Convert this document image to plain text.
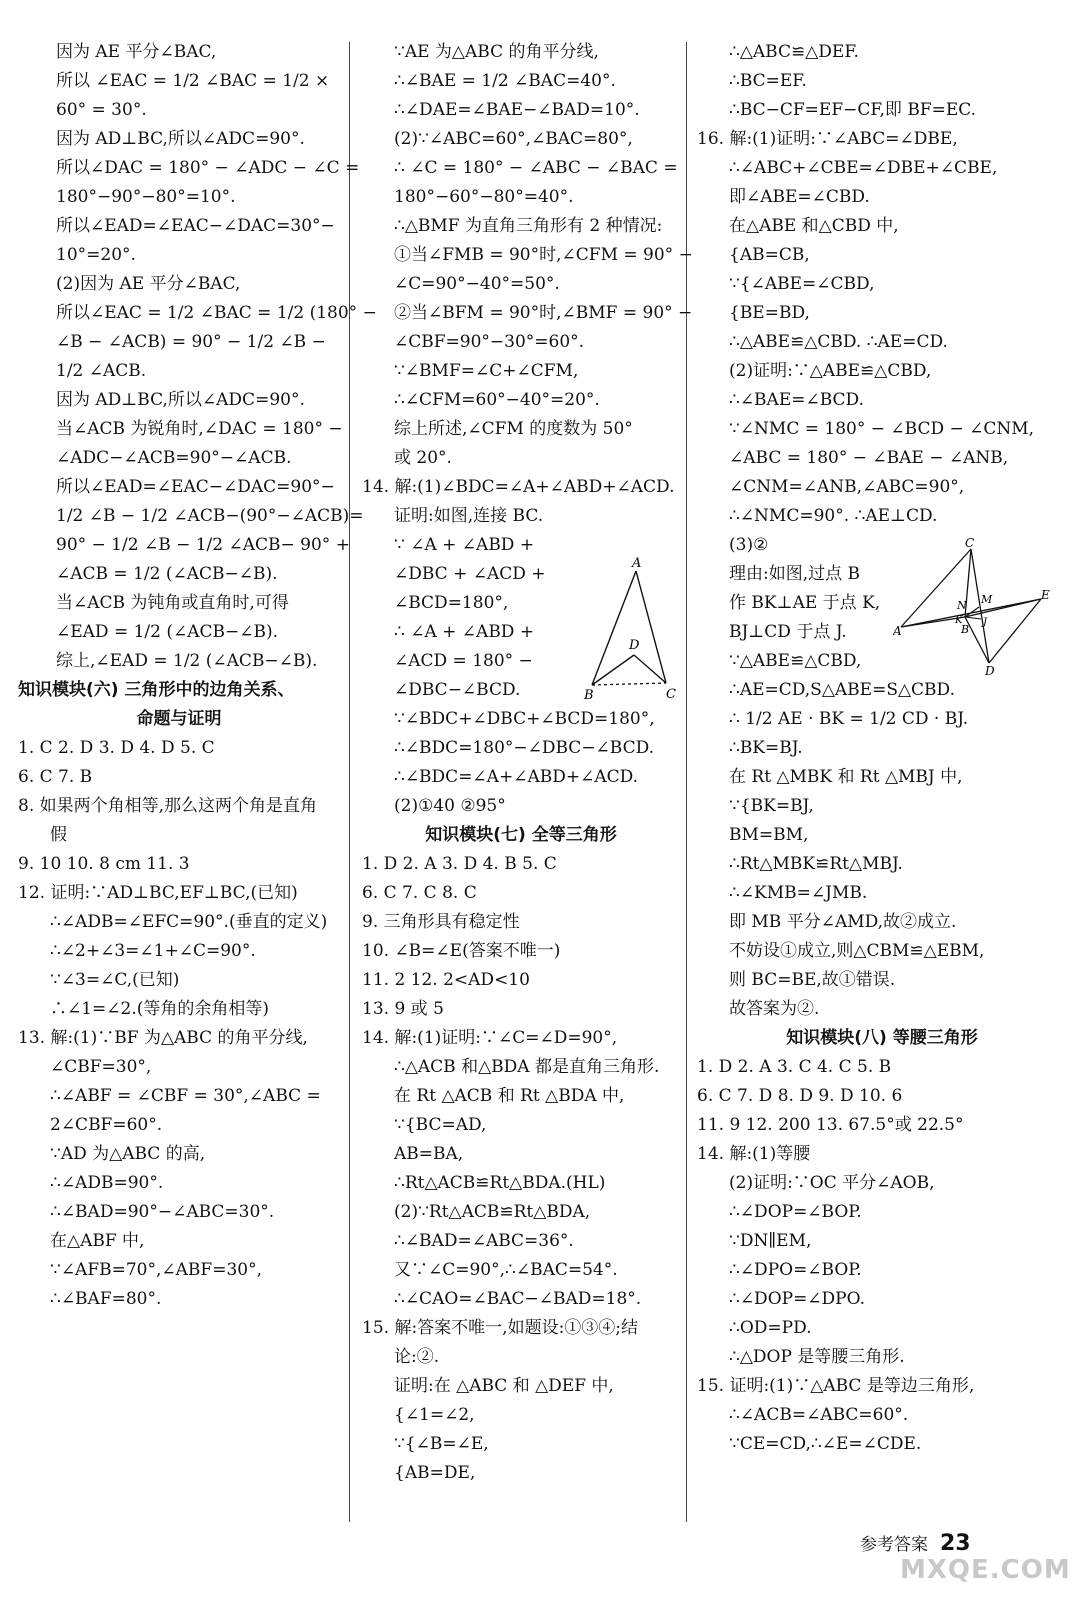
因为 AE 平分∠BAC,
所以 ∠EAC = 1/2 ∠BAC = 1/2 ×
60° = 30°.
因为 AD⊥BC,所以∠ADC=90°.
所以∠DAC = 180° − ∠ADC − ∠C =
180°−90°−80°=10°.
所以∠EAD=∠EAC−∠DAC=30°−
10°=20°.
(2)因为 AE 平分∠BAC,
所以∠EAC = 1/2 ∠BAC = 1/2 (180° −
∠B − ∠ACB) = 90° − 1/2 ∠B −
1/2 ∠ACB.
因为 AD⊥BC,所以∠ADC=90°.
当∠ACB 为锐角时,∠DAC = 180° −
∠ADC−∠ACB=90°−∠ACB.
所以∠EAD=∠EAC−∠DAC=90°−
1/2 ∠B − 1/2 ∠ACB−(90°−∠ACB)=
90° − 1/2 ∠B − 1/2 ∠ACB− 90° +
∠ACB = 1/2 (∠ACB−∠B).
当∠ACB 为钝角或直角时,可得
∠EAD = 1/2 (∠ACB−∠B).
综上,∠EAD = 1/2 (∠ACB−∠B).
知识模块(六) 三角形中的边角关系、
命题与证明
1. C 2. D 3. D 4. D 5. C
6. C 7. B
8. 如果两个角相等,那么这两个角是直角
假
9. 10 10. 8 cm 11. 3
12. 证明:∵AD⊥BC,EF⊥BC,(已知)
∴∠ADB=∠EFC=90°.(垂直的定义)
∴∠2+∠3=∠1+∠C=90°.
∵∠3=∠C,(已知)
∴∠1=∠2.(等角的余角相等)
13. 解:(1)∵BF 为△ABC 的角平分线,
∠CBF=30°,
∴∠ABF = ∠CBF = 30°,∠ABC =
2∠CBF=60°.
∵AD 为△ABC 的高,
∴∠ADB=90°.
∴∠BAD=90°−∠ABC=30°.
在△ABF 中,
∵∠AFB=70°,∠ABF=30°,
∴∠BAF=80°.
∵AE 为△ABC 的角平分线,
∴∠BAE = 1/2 ∠BAC=40°.
∴∠DAE=∠BAE−∠BAD=10°.
(2)∵∠ABC=60°,∠BAC=80°,
∴ ∠C = 180° − ∠ABC − ∠BAC =
180°−60°−80°=40°.
∴△BMF 为直角三角形有 2 种情况:
①当∠FMB = 90°时,∠CFM = 90° −
∠C=90°−40°=50°.
②当∠BFM = 90°时,∠BMF = 90° −
∠CBF=90°−30°=60°.
∵∠BMF=∠C+∠CFM,
∴∠CFM=60°−40°=20°.
综上所述,∠CFM 的度数为 50°
或 20°.
14. 解:(1)∠BDC=∠A+∠ABD+∠ACD.
证明:如图,连接 BC.
∵ ∠A + ∠ABD +
∠DBC + ∠ACD +
∠BCD=180°,
∴ ∠A + ∠ABD +
∠ACD = 180° −
∠DBC−∠BCD.
∵∠BDC+∠DBC+∠BCD=180°,
∴∠BDC=180°−∠DBC−∠BCD.
∴∠BDC=∠A+∠ABD+∠ACD.
(2)①40 ②95°
知识模块(七) 全等三角形
1. D 2. A 3. D 4. B 5. C
6. C 7. C 8. C
9. 三角形具有稳定性
10. ∠B=∠E(答案不唯一)
11. 2 12. 2<AD<10
13. 9 或 5
14. 解:(1)证明:∵∠C=∠D=90°,
∴△ACB 和△BDA 都是直角三角形.
在 Rt △ACB 和 Rt △BDA 中,
∵{BC=AD,
AB=BA,
∴Rt△ACB≌Rt△BDA.(HL)
(2)∵Rt△ACB≌Rt△BDA,
∴∠BAD=∠ABC=36°.
又∵∠C=90°,∴∠BAC=54°.
∴∠CAO=∠BAC−∠BAD=18°.
15. 解:答案不唯一,如题设:①③④;结
论:②.
证明:在 △ABC 和 △DEF 中,
{∠1=∠2,
∵{∠B=∠E,
{AB=DE,
∴△ABC≌△DEF.
∴BC=EF.
∴BC−CF=EF−CF,即 BF=EC.
16. 解:(1)证明:∵∠ABC=∠DBE,
∴∠ABC+∠CBE=∠DBE+∠CBE,
即∠ABE=∠CBD.
在△ABE 和△CBD 中,
{AB=CB,
∵{∠ABE=∠CBD,
{BE=BD,
∴△ABE≌△CBD. ∴AE=CD.
(2)证明:∵△ABE≌△CBD,
∴∠BAE=∠BCD.
∵∠NMC = 180° − ∠BCD − ∠CNM,
∠ABC = 180° − ∠BAE − ∠ANB,
∠CNM=∠ANB,∠ABC=90°,
∴∠NMC=90°. ∴AE⊥CD.
(3)②
理由:如图,过点 B
作 BK⊥AE 于点 K,
BJ⊥CD 于点 J.
∵△ABE≌△CBD,
∴AE=CD,S△ABE=S△CBD.
∴ 1/2 AE · BK = 1/2 CD · BJ.
∴BK=BJ.
在 Rt △MBK 和 Rt △MBJ 中,
∵{BK=BJ,
BM=BM,
∴Rt△MBK≌Rt△MBJ.
∴∠KMB=∠JMB.
即 MB 平分∠AMD,故②成立.
不妨设①成立,则△CBM≌△EBM,
则 BC=BE,故①错误.
故答案为②.
知识模块(八) 等腰三角形
1. D 2. A 3. C 4. C 5. B
6. C 7. D 8. D 9. D 10. 6
11. 9 12. 200 13. 67.5°或 22.5°
14. 解:(1)等腰
(2)证明:∵OC 平分∠AOB,
∴∠DOP=∠BOP.
∵DN∥EM,
∴∠DPO=∠BOP.
∴∠DOP=∠DPO.
∴OD=PD.
∴△DOP 是等腰三角形.
15. 证明:(1)∵△ABC 是等边三角形,
∴∠ACB=∠ABC=60°.
∵CE=CD,∴∠E=∠CDE.
A
D
B	C
C
N M	E
K
B
J
A
D
参考答案 23
MXQE.COM
